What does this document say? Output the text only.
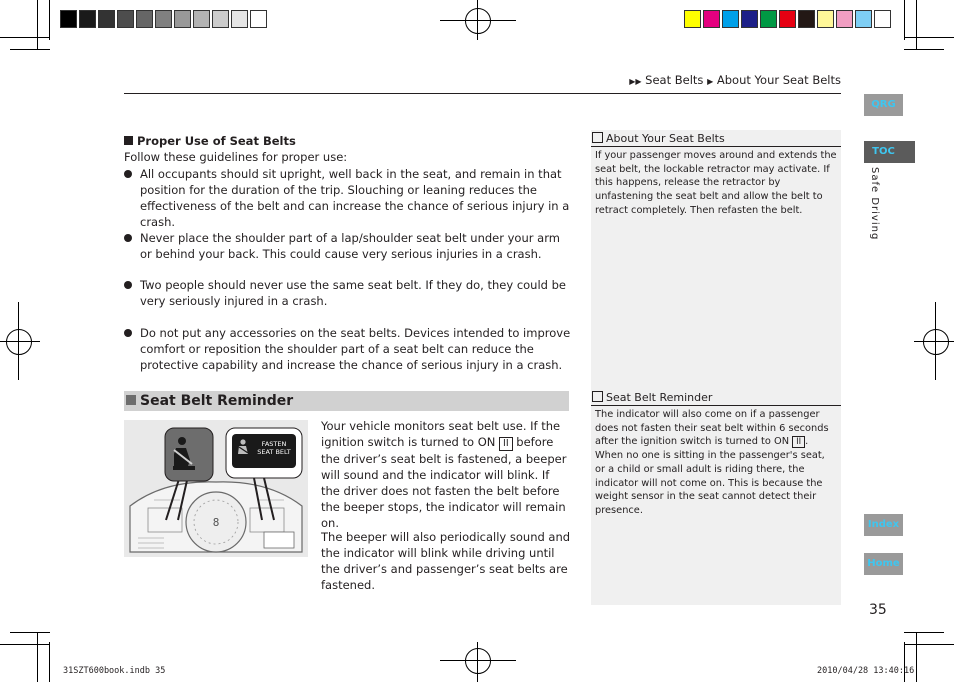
▶▶ Seat Belts ▶ About Your Seat Belts
QRG
TOC
Safe Driving
Index
Home
35
Proper Use of Seat Belts
Follow these guidelines for proper use:
All occupants should sit upright, well back in the seat, and remain in that position for the duration of the trip. Slouching or leaning reduces the effectiveness of the belt and can increase the chance of serious injury in a crash.
Never place the shoulder part of a lap/shoulder seat belt under your arm or behind your back. This could cause very serious injuries in a crash.
Two people should never use the same seat belt. If they do, they could be very seriously injured in a crash.
Do not put any accessories on the seat belts. Devices intended to improve comfort or reposition the shoulder part of a seat belt can reduce the protective capability and increase the chance of serious injury in a crash.
Seat Belt Reminder
8
FASTEN
SEAT BELT
Your vehicle monitors seat belt use. If the ignition switch is turned to ON II before the driver’s seat belt is fastened, a beeper will sound and the indicator will blink. If the driver does not fasten the belt before the beeper stops, the indicator will remain on.
The beeper will also periodically sound and the indicator will blink while driving until the driver’s and passenger’s seat belts are fastened.
About Your Seat Belts
If your passenger moves around and extends the seat belt, the lockable retractor may activate. If this happens, release the retractor by unfastening the seat belt and allow the belt to retract completely. Then refasten the belt.
Seat Belt Reminder
The indicator will also come on if a passenger does not fasten their seat belt within 6 seconds after the ignition switch is turned to ON II . When no one is sitting in the passenger's seat, or a child or small adult is riding there, the indicator will not come on. This is because the weight sensor in the seat cannot detect their presence.
31SZT600book.indb 35	2010/04/28 13:40:16
